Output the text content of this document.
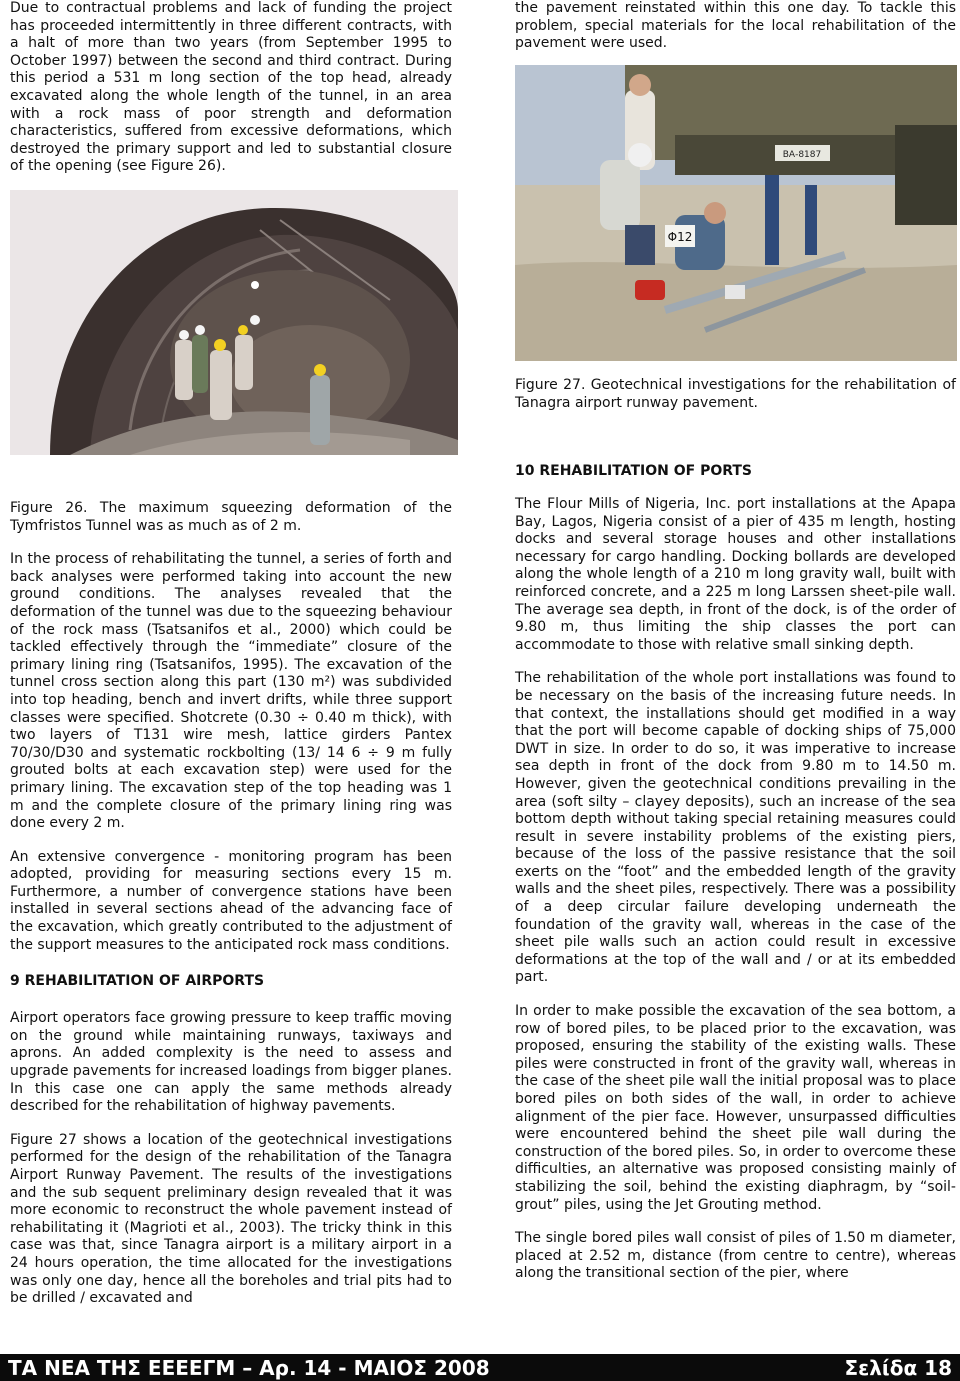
Due to contractual problems and lack of funding the project has proceeded intermittently in three different contracts, with a halt of more than two years (from September 1995 to October 1997) between the second and third contract. During this period a 531 m long section of the top head, already excavated along the whole length of the tunnel, in an area with a rock mass of poor strength and deformation characteristics, suffered from excessive deformations, which destroyed the primary support and led to substantial closure of the opening (see Figure 26).

Figure 26. The maximum squeezing deformation of the Tymfristos Tunnel was as much as of 2 m.

In the process of rehabilitating the tunnel, a series of forth and back analyses were performed taking into account the new ground conditions. The analyses revealed that the deformation of the tunnel was due to the squeezing behaviour of the rock mass (Tsatsanifos et al., 2000) which could be tackled effectively through the “immediate” closure of the primary lining ring (Tsatsanifos, 1995). The excavation of the tunnel cross section along this part (130 m²) was subdivided into top heading, bench and invert drifts, while three support classes were specified. Shotcrete (0.30 ÷ 0.40 m thick), with two layers of T131 wire mesh, lattice girders Pantex 70/30/D30 and systematic rockbolting (13/ 14 6 ÷ 9 m fully grouted bolts at each excavation step) were used for the primary lining. The excavation step of the top heading was 1 m and the complete closure of the primary lining ring was done every 2 m.

An extensive convergence - monitoring program has been adopted, providing for measuring sections every 15 m. Furthermore, a number of convergence stations have been installed in several sections ahead of the advancing face of the excavation, which greatly contributed to the adjustment of the support measures to the anticipated rock mass conditions.

9 REHABILITATION OF AIRPORTS

Airport operators face growing pressure to keep traffic moving on the ground while maintaining runways, taxiways and aprons. An added complexity is the need to assess and upgrade pavements for increased loadings from bigger planes. In this case one can apply the same methods already described for the rehabilitation of highway pavements.

Figure 27 shows a location of the geotechnical investigations performed for the design of the rehabilitation of the Tanagra Airport Runway Pavement. The results of the investigations and the sub sequent preliminary design revealed that it was more economic to reconstruct the whole pavement instead of rehabilitating it (Magrioti et al., 2003). The tricky think in this case was that, since Tanagra airport is a military airport in a 24 hours operation, the time allocated for the investigations was only one day, hence all the boreholes and trial pits had to be drilled / excavated and

ΒΑ-8187
Φ12

the pavement reinstated within this one day. To tackle this problem, special materials for the local rehabilitation of the pavement were used.

Figure 27. Geotechnical investigations for the rehabilitation of Tanagra airport runway pavement.

10 REHABILITATION OF PORTS

The Flour Mills of Nigeria, Inc. port installations at the Apapa Bay, Lagos, Nigeria consist of a pier of 435 m length, hosting docks and several storage houses and other installations necessary for cargo handling. Docking bollards are developed along the whole length of a 210 m long gravity wall, built with reinforced concrete, and a 225 m long Larssen sheet-pile wall. The average sea depth, in front of the dock, is of the order of 9.80 m, thus limiting the ship classes the port can accommodate to those with relative small sinking depth.

The rehabilitation of the whole port installations was found to be necessary on the basis of the increasing future needs. In that context, the installations should get modified in a way that the port will become capable of docking ships of 75,000 DWT in size. In order to do so, it was imperative to increase sea depth in front of the dock from 9.80 m to 14.50 m. However, given the geotechnical conditions prevailing in the area (soft silty – clayey deposits), such an increase of the sea bottom depth without taking special retaining measures could result in severe instability problems of the existing piers, because of the loss of the passive resistance that the soil exerts on the “foot” and the embedded length of the gravity walls and the sheet piles, respectively. There was a possibility of a deep circular failure developing underneath the foundation of the gravity wall, whereas in the case of the sheet pile walls such an action could result in excessive deformations at the top of the wall and / or at its embedded part.

In order to make possible the excavation of the sea bottom, a row of bored piles, to be placed prior to the excavation, was proposed, ensuring the stability of the existing walls. These piles were constructed in front of the gravity wall, whereas in the case of the sheet pile wall the initial proposal was to place bored piles on both sides of the wall, in order to achieve alignment of the pier face. However, unsurpassed difficulties were encountered behind the sheet pile wall during the construction of the bored piles. So, in order to overcome these difficulties, an alternative was proposed consisting mainly of stabilizing the soil, behind the existing diaphragm, by “soil-grout” piles, using the Jet Grouting method.

The single bored piles wall consist of piles of 1.50 m diameter, placed at 2.52 m, distance (from centre to centre), whereas along the transitional section of the pier, where

ΤΑ ΝΕΑ ΤΗΣ ΕΕΕΕΓΜ – Αρ. 14 - ΜΑΙΟΣ 2008	Σελίδα 18
